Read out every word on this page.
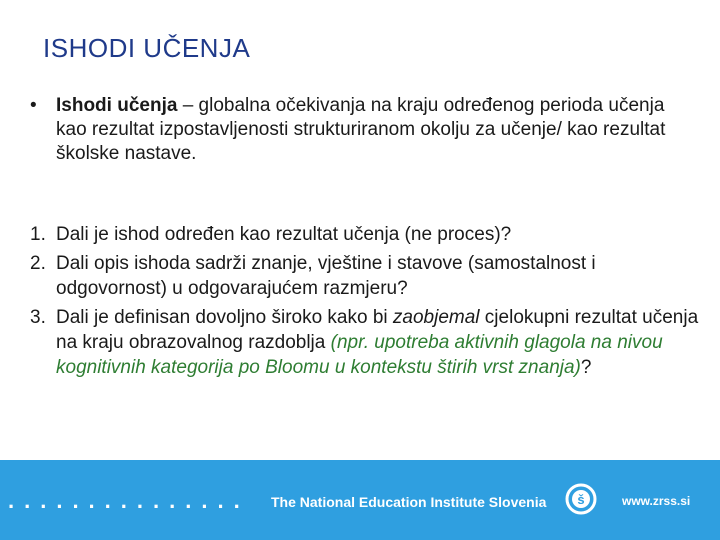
ISHODI UČENJA
•	Ishodi učenja – globalna očekivanja na kraju određenog perioda učenja kao rezultat izpostavljenosti strukturiranom okolju za učenje/ kao rezultat školske nastave.
1. Dali je ishod određen kao rezultat učenja (ne proces)?
2. Dali opis ishoda sadrži znanje, vještine i stavove (samostalnost i odgovornost) u odgovarajućem razmjeru?
3. Dali je definisan dovoljno široko kako bi zaobjemal cjelokupni rezultat učenja na kraju obrazovalnog razdoblja (npr. upotreba aktivnih glagola na nivou kognitivnih kategorija po Bloomu u kontekstu štirih vrst znanja)?
............... The National Education Institute Slovenia š	www.zrss.si
